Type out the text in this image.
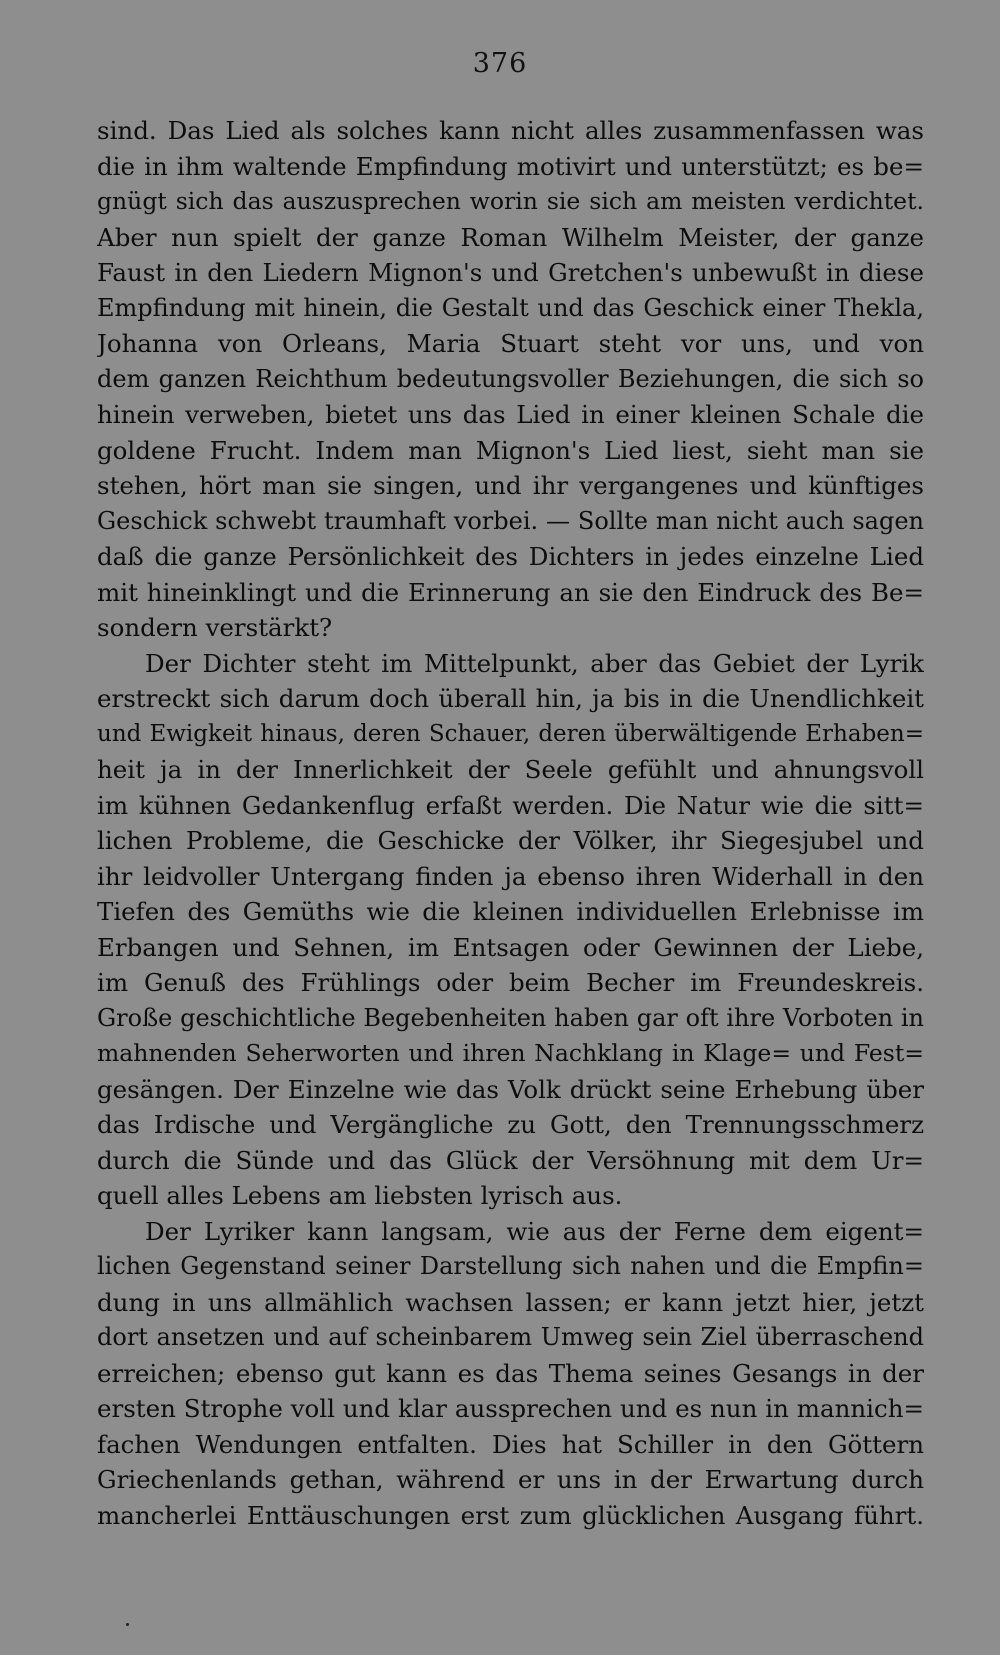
376
sind. Das Lied als solches kann nicht alles zusammenfassen was
die in ihm waltende Empfindung motivirt und unterstützt; es be=
gnügt sich das auszusprechen worin sie sich am meisten verdichtet.
Aber nun spielt der ganze Roman Wilhelm Meister, der ganze
Faust in den Liedern Mignon's und Gretchen's unbewußt in diese
Empfindung mit hinein, die Gestalt und das Geschick einer Thekla,
Johanna von Orleans, Maria Stuart steht vor uns, und von
dem ganzen Reichthum bedeutungsvoller Beziehungen, die sich so
hinein verweben, bietet uns das Lied in einer kleinen Schale die
goldene Frucht. Indem man Mignon's Lied liest, sieht man sie
stehen, hört man sie singen, und ihr vergangenes und künftiges
Geschick schwebt traumhaft vorbei. — Sollte man nicht auch sagen
daß die ganze Persönlichkeit des Dichters in jedes einzelne Lied
mit hineinklingt und die Erinnerung an sie den Eindruck des Be=
sondern verstärkt?
Der Dichter steht im Mittelpunkt, aber das Gebiet der Lyrik
erstreckt sich darum doch überall hin, ja bis in die Unendlichkeit
und Ewigkeit hinaus, deren Schauer, deren überwältigende Erhaben=
heit ja in der Innerlichkeit der Seele gefühlt und ahnungsvoll
im kühnen Gedankenflug erfaßt werden. Die Natur wie die sitt=
lichen Probleme, die Geschicke der Völker, ihr Siegesjubel und
ihr leidvoller Untergang finden ja ebenso ihren Widerhall in den
Tiefen des Gemüths wie die kleinen individuellen Erlebnisse im
Erbangen und Sehnen, im Entsagen oder Gewinnen der Liebe,
im Genuß des Frühlings oder beim Becher im Freundeskreis.
Große geschichtliche Begebenheiten haben gar oft ihre Vorboten in
mahnenden Seherworten und ihren Nachklang in Klage= und Fest=
gesängen. Der Einzelne wie das Volk drückt seine Erhebung über
das Irdische und Vergängliche zu Gott, den Trennungsschmerz
durch die Sünde und das Glück der Versöhnung mit dem Ur=
quell alles Lebens am liebsten lyrisch aus.
Der Lyriker kann langsam, wie aus der Ferne dem eigent=
lichen Gegenstand seiner Darstellung sich nahen und die Empfin=
dung in uns allmählich wachsen lassen; er kann jetzt hier, jetzt
dort ansetzen und auf scheinbarem Umweg sein Ziel überraschend
erreichen; ebenso gut kann es das Thema seines Gesangs in der
ersten Strophe voll und klar aussprechen und es nun in mannich=
fachen Wendungen entfalten. Dies hat Schiller in den Göttern
Griechenlands gethan, während er uns in der Erwartung durch
mancherlei Enttäuschungen erst zum glücklichen Ausgang führt.
